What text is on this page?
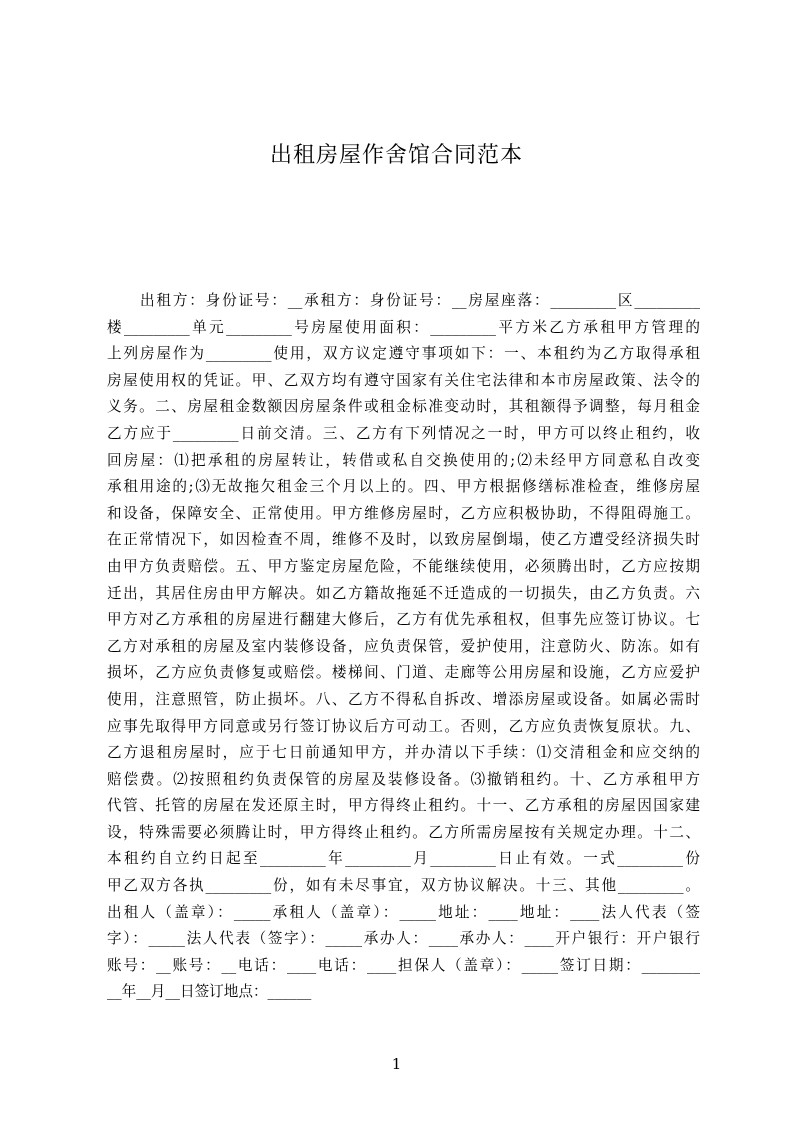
出租房屋作舍馆合同范本
出租方：身份证号：__承租方：身份证号：__房屋座落：_________区_________
楼_________单元_________号房屋使用面积：_________平方米乙方承租甲方管理的
上列房屋作为_________使用，双方议定遵守事项如下：一、本租约为乙方取得承租
房屋使用权的凭证。甲、乙双方均有遵守国家有关住宅法律和本市房屋政策、法令的
义务。二、房屋租金数额因房屋条件或租金标准变动时，其租额得予调整，每月租金
乙方应于_________日前交清。三、乙方有下列情况之一时，甲方可以终止租约，收
回房屋：⑴把承租的房屋转让，转借或私自交换使用的;⑵未经甲方同意私自改变
承租用途的;⑶无故拖欠租金三个月以上的。四、甲方根据修缮标准检查，维修房屋
和设备，保障安全、正常使用。甲方维修房屋时，乙方应积极协助，不得阻碍施工。
在正常情况下，如因检查不周，维修不及时，以致房屋倒塌，使乙方遭受经济损失时
由甲方负责赔偿。五、甲方鉴定房屋危险，不能继续使用，必须腾出时，乙方应按期
迁出，其居住房由甲方解决。如乙方籍故拖延不迁造成的一切损失，由乙方负责。六
甲方对乙方承租的房屋进行翻建大修后，乙方有优先承租权，但事先应签订协议。七
乙方对承租的房屋及室内装修设备，应负责保管，爱护使用，注意防火、防冻。如有
损坏，乙方应负责修复或赔偿。楼梯间、门道、走廊等公用房屋和设施，乙方应爱护
使用，注意照管，防止损坏。八、乙方不得私自拆改、增添房屋或设备。如属必需时
应事先取得甲方同意或另行签订协议后方可动工。否则，乙方应负责恢复原状。九、
乙方退租房屋时，应于七日前通知甲方，并办清以下手续：⑴交清租金和应交纳的
赔偿费。⑵按照租约负责保管的房屋及装修设备。⑶撤销租约。十、乙方承租甲方
代管、托管的房屋在发还原主时，甲方得终止租约。十一、乙方承租的房屋因国家建
设，特殊需要必须腾让时，甲方得终止租约。乙方所需房屋按有关规定办理。十二、
本租约自立约日起至_________年_________月_________日止有效。一式_________份
甲乙双方各执_________份，如有未尽事宜，双方协议解决。十三、其他_________。
出租人（盖章）：_____承租人（盖章）：_____地址：____地址：____法人代表（签
字）：_____法人代表（签字）：_____承办人：____承办人：____开户银行：开户银行
账号：__账号：__电话：____电话：____担保人（盖章）：_____签订日期：________
__年__月__日签订地点：______
1
